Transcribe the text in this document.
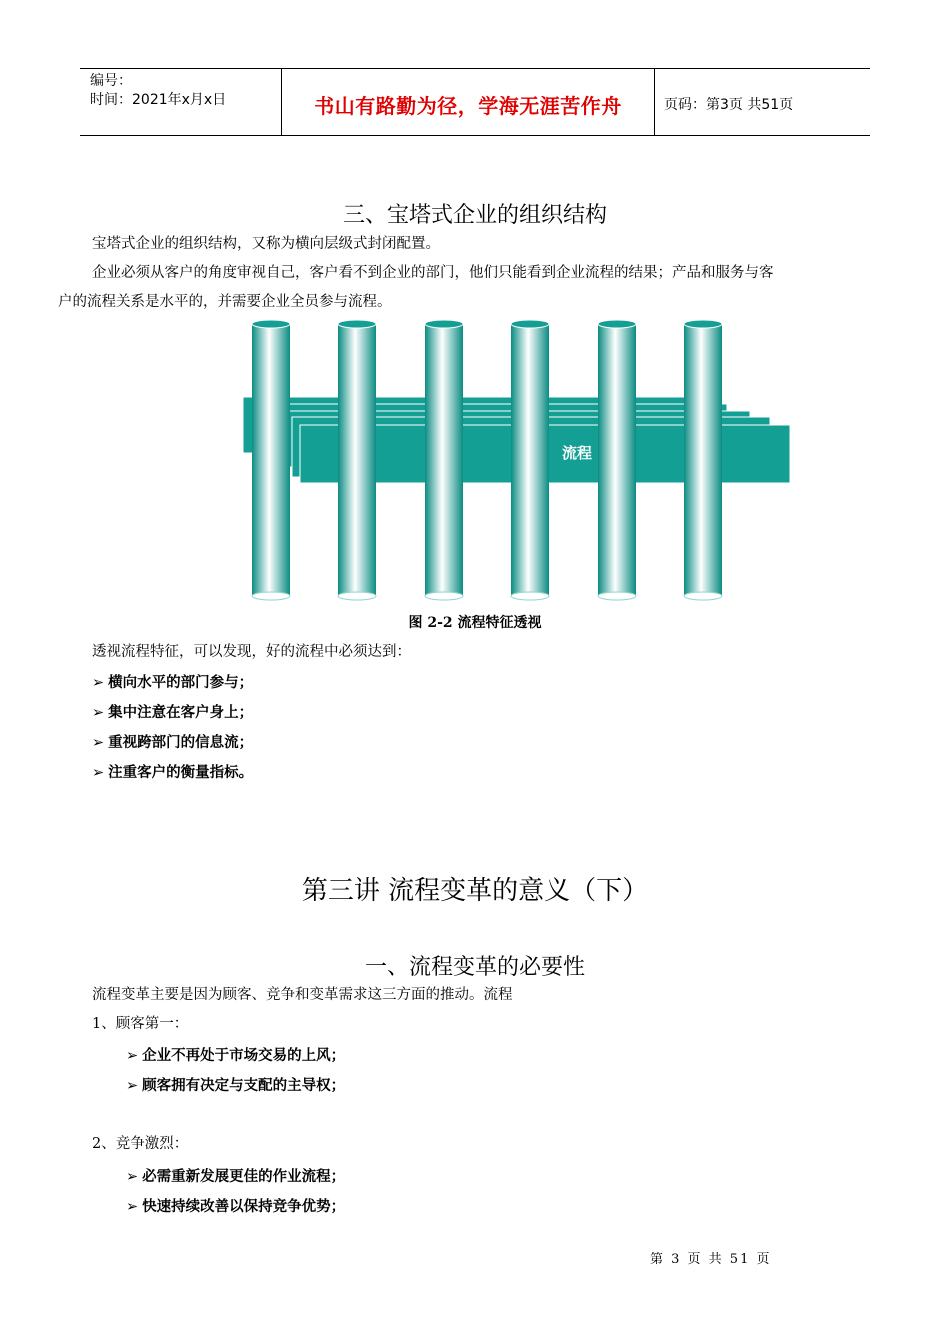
编号：
时间：2021年x月x日	书山有路勤为径，学海无涯苦作舟	页码：第3页 共51页
三、宝塔式企业的组织结构
宝塔式企业的组织结构，又称为横向层级式封闭配置。
企业必须从客户的角度审视自己，客户看不到企业的部门，他们只能看到企业流程的结果；产品和服务与客
户的流程关系是水平的，并需要企业全员参与流程。
流程
图 2-2 流程特征透视
透视流程特征，可以发现，好的流程中必须达到：
➢ 横向水平的部门参与；
➢ 集中注意在客户身上；
➢ 重视跨部门的信息流；
➢ 注重客户的衡量指标。
第三讲 流程变革的意义（下）
一、流程变革的必要性
流程变革主要是因为顾客、竞争和变革需求这三方面的推动。流程
1、顾客第一：
➢ 企业不再处于市场交易的上风；
➢ 顾客拥有决定与支配的主导权；
2、竞争激烈：
➢ 必需重新发展更佳的作业流程；
➢ 快速持续改善以保持竞争优势；
第 3 页 共 51 页
